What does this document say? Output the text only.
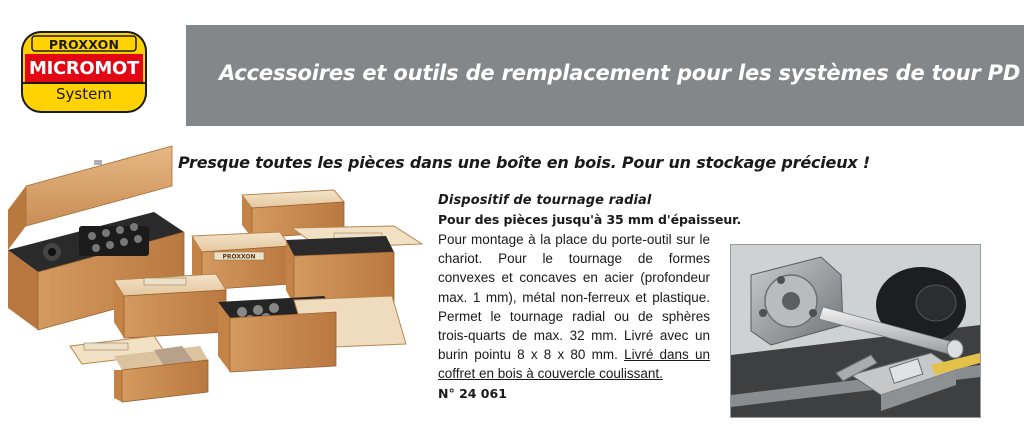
PROXXON
MICROMOT
System
Accessoires et outils de remplacement pour les systèmes de tour PD
Presque toutes les pièces dans une boîte en bois. Pour un stockage précieux !
PROXXON
Dispositif de tournage radial
Pour des pièces jusqu'à 35 mm d'épaisseur.
Pour montage à la place du porte-outil sur le chariot. Pour le tournage de formes convexes et concaves en acier (profondeur max. 1 mm), métal non-ferreux et plastique. Permet le tournage radial ou de sphères trois-quarts de max. 32 mm. Livré avec un burin pointu 8 x 8 x 80 mm. Livré dans un coffret en bois à couvercle coulissant.
N° 24 061
